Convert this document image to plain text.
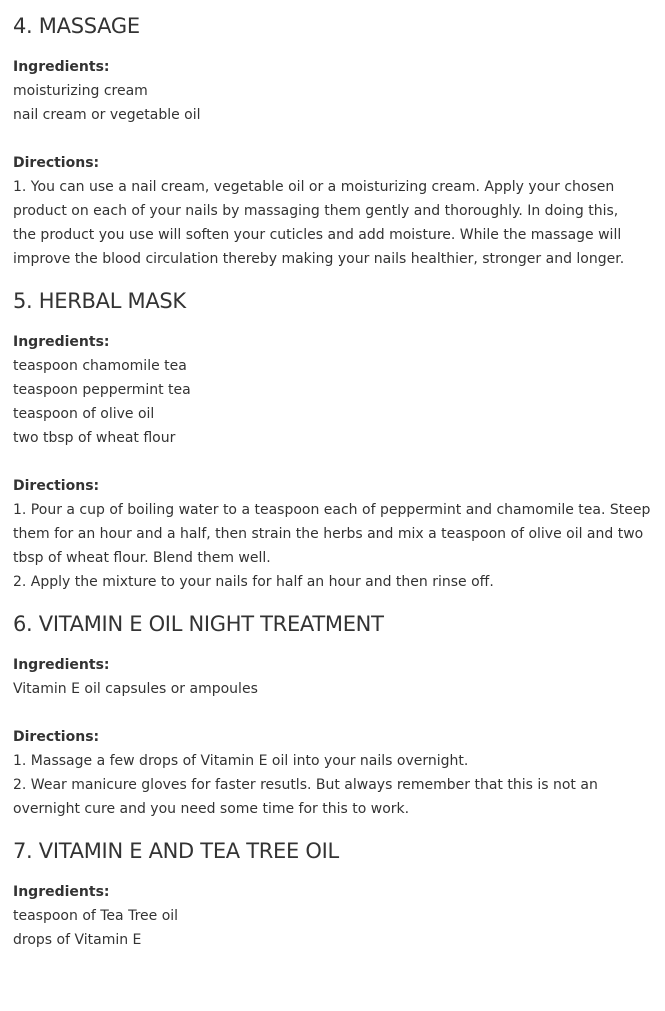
4. MASSAGE

Ingredients:

moisturizing cream

nail cream or vegetable oil

Directions:

1. You can use a nail cream, vegetable oil or a moisturizing cream. Apply your chosen

product on each of your nails by massaging them gently and thoroughly. In doing this,

the product you use will soften your cuticles and add moisture. While the massage will

improve the blood circulation thereby making your nails healthier, stronger and longer.

5. HERBAL MASK

Ingredients:

teaspoon chamomile tea

teaspoon peppermint tea

teaspoon of olive oil

two tbsp of wheat flour

Directions:

1. Pour a cup of boiling water to a teaspoon each of peppermint and chamomile tea. Steep

them for an hour and a half, then strain the herbs and mix a teaspoon of olive oil and two

tbsp of wheat flour. Blend them well.

2. Apply the mixture to your nails for half an hour and then rinse off.

6. VITAMIN E OIL NIGHT TREATMENT

Ingredients:

Vitamin E oil capsules or ampoules

Directions:

1. Massage a few drops of Vitamin E oil into your nails overnight.

2. Wear manicure gloves for faster resutls. But always remember that this is not an

overnight cure and you need some time for this to work.

7. VITAMIN E AND TEA TREE OIL

Ingredients:

teaspoon of Tea Tree oil

drops of Vitamin E
